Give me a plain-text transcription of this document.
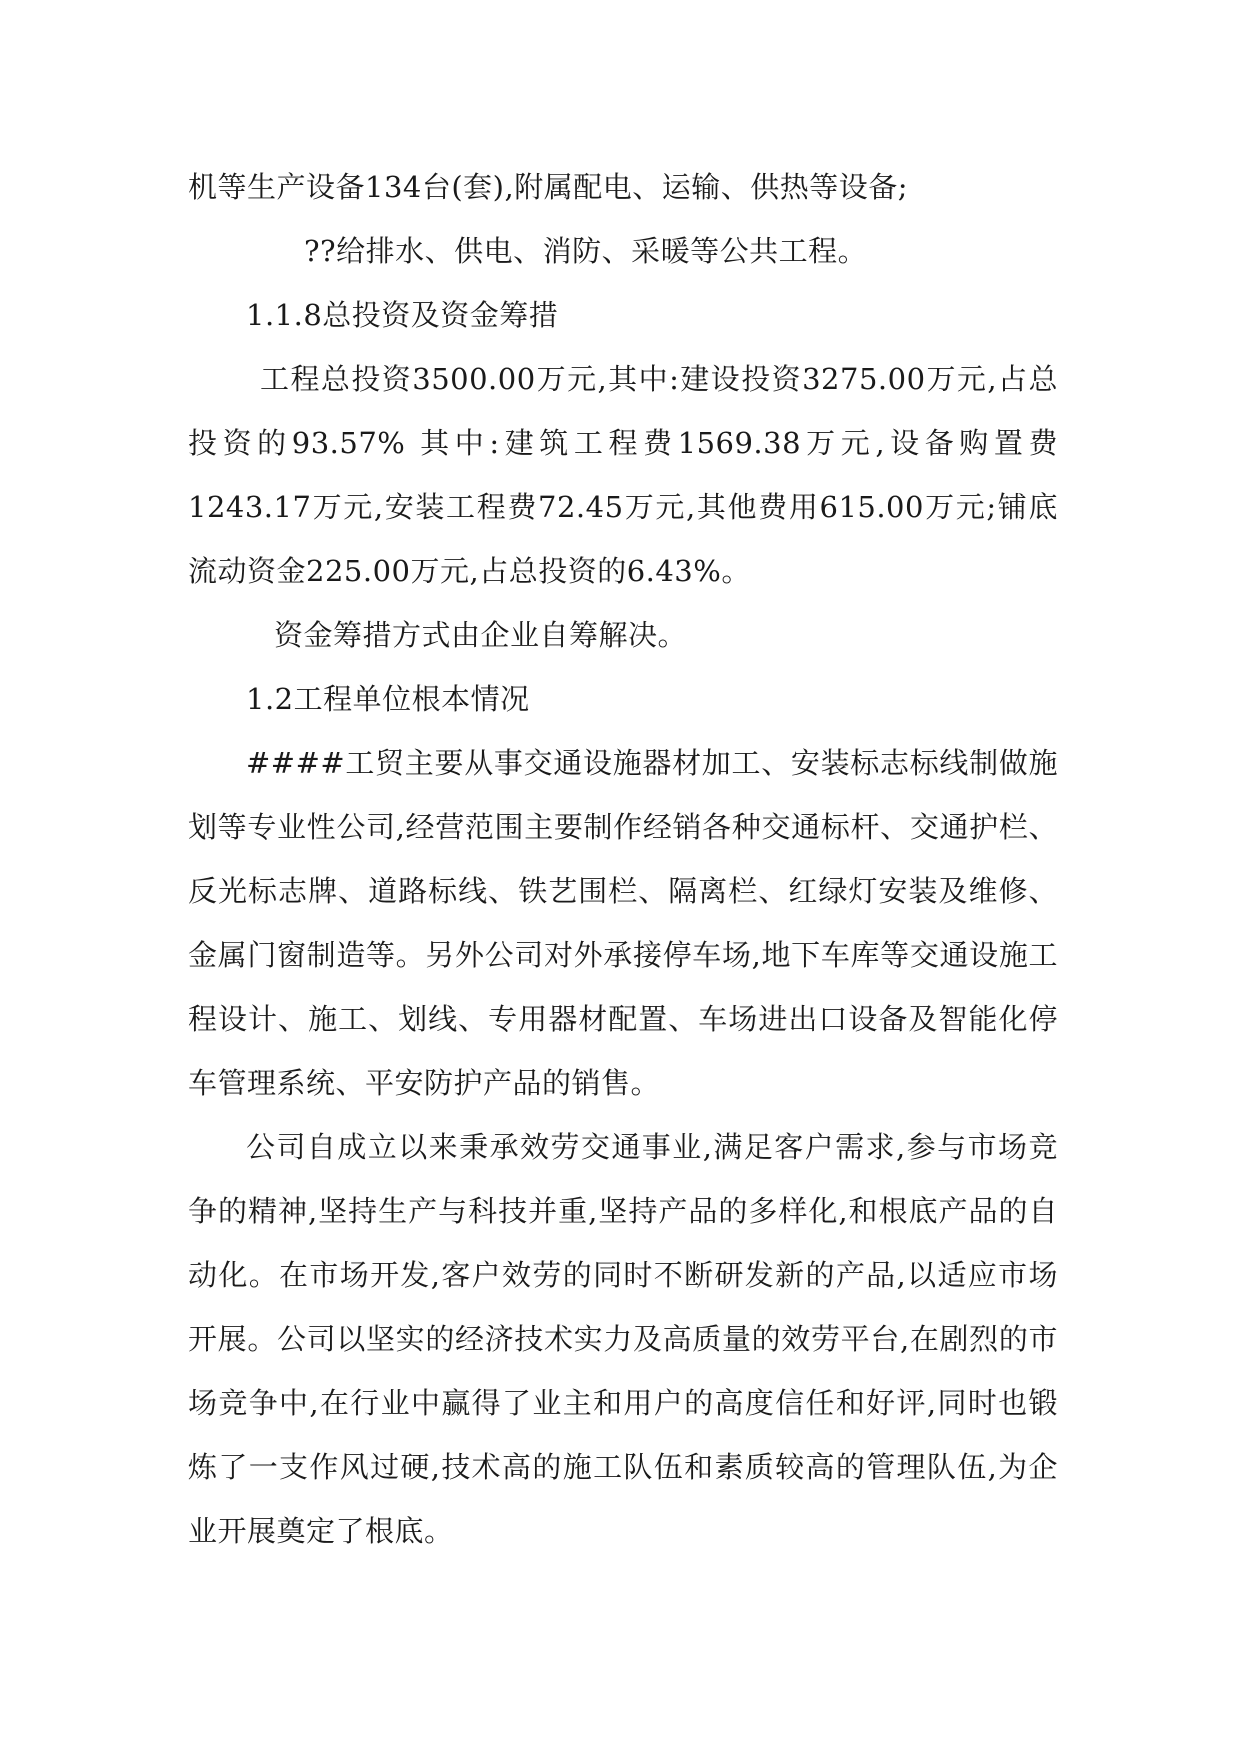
机等生产设备134台(套),附属配电、运输、供热等设备;

??给排水、供电、消防、采暖等公共工程。

1.1.8总投资及资金筹措

工程总投资3500.00万元,其中:建设投资3275.00万元,占总投资的93.57% 其中:建筑工程费1569.38万元,设备购置费1243.17万元,安装工程费72.45万元,其他费用615.00万元;铺底流动资金225.00万元,占总投资的6.43%。

资金筹措方式由企业自筹解决。

1.2工程单位根本情况

####工贸主要从事交通设施器材加工、安装标志标线制做施划等专业性公司,经营范围主要制作经销各种交通标杆、交通护栏、反光标志牌、道路标线、铁艺围栏、隔离栏、红绿灯安装及维修、金属门窗制造等。另外公司对外承接停车场,地下车库等交通设施工程设计、施工、划线、专用器材配置、车场进出口设备及智能化停车管理系统、平安防护产品的销售。

公司自成立以来秉承效劳交通事业,满足客户需求,参与市场竞争的精神,坚持生产与科技并重,坚持产品的多样化,和根底产品的自动化。在市场开发,客户效劳的同时不断研发新的产品,以适应市场开展。公司以坚实的经济技术实力及高质量的效劳平台,在剧烈的市场竞争中,在行业中赢得了业主和用户的高度信任和好评,同时也锻炼了一支作风过硬,技术高的施工队伍和素质较高的管理队伍,为企业开展奠定了根底。
